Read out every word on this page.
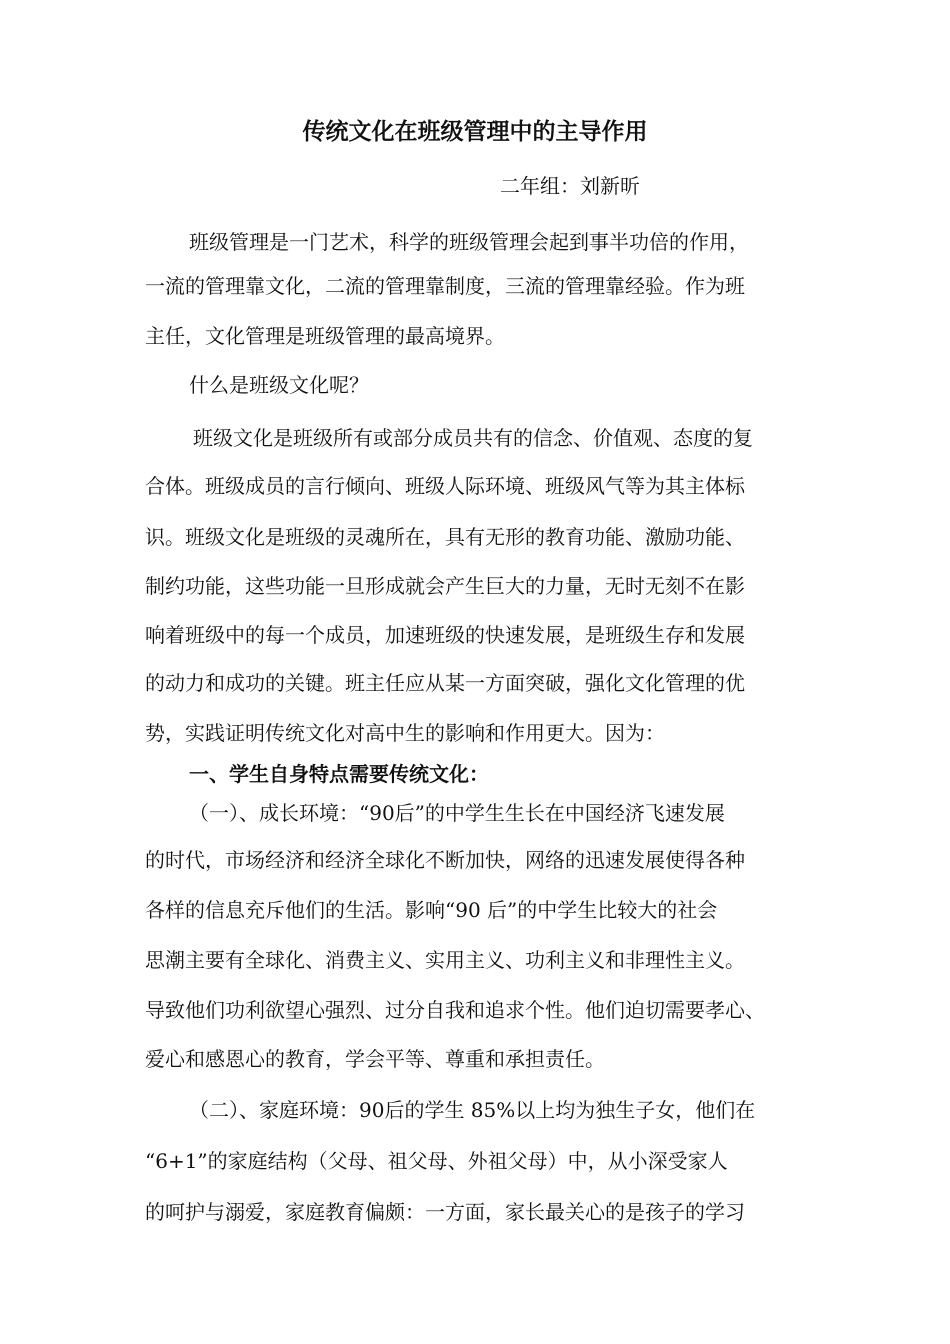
传统文化在班级管理中的主导作用
二年组：刘新昕
班级管理是一门艺术，科学的班级管理会起到事半功倍的作用，
一流的管理靠文化，二流的管理靠制度，三流的管理靠经验。作为班
主任，文化管理是班级管理的最高境界。
什么是班级文化呢？
班级文化是班级所有或部分成员共有的信念、价值观、态度的复
合体。班级成员的言行倾向、班级人际环境、班级风气等为其主体标
识。班级文化是班级的灵魂所在，具有无形的教育功能、激励功能、
制约功能，这些功能一旦形成就会产生巨大的力量，无时无刻不在影
响着班级中的每一个成员，加速班级的快速发展，是班级生存和发展
的动力和成功的关键。班主任应从某一方面突破，强化文化管理的优
势，实践证明传统文化对高中生的影响和作用更大。因为：
一、学生自身特点需要传统文化：
（一）、成长环境：“90后”的中学生生长在中国经济飞速发展
的时代，市场经济和经济全球化不断加快，网络的迅速发展使得各种
各样的信息充斥他们的生活。影响“90 后”的中学生比较大的社会
思潮主要有全球化、消费主义、实用主义、功利主义和非理性主义。
导致他们功利欲望心强烈、过分自我和追求个性。他们迫切需要孝心、
爱心和感恩心的教育，学会平等、尊重和承担责任。
（二）、家庭环境：90后的学生 85%以上均为独生子女，他们在
“6+1”的家庭结构（父母、祖父母、外祖父母）中，从小深受家人
的呵护与溺爱，家庭教育偏颇：一方面，家长最关心的是孩子的学习
